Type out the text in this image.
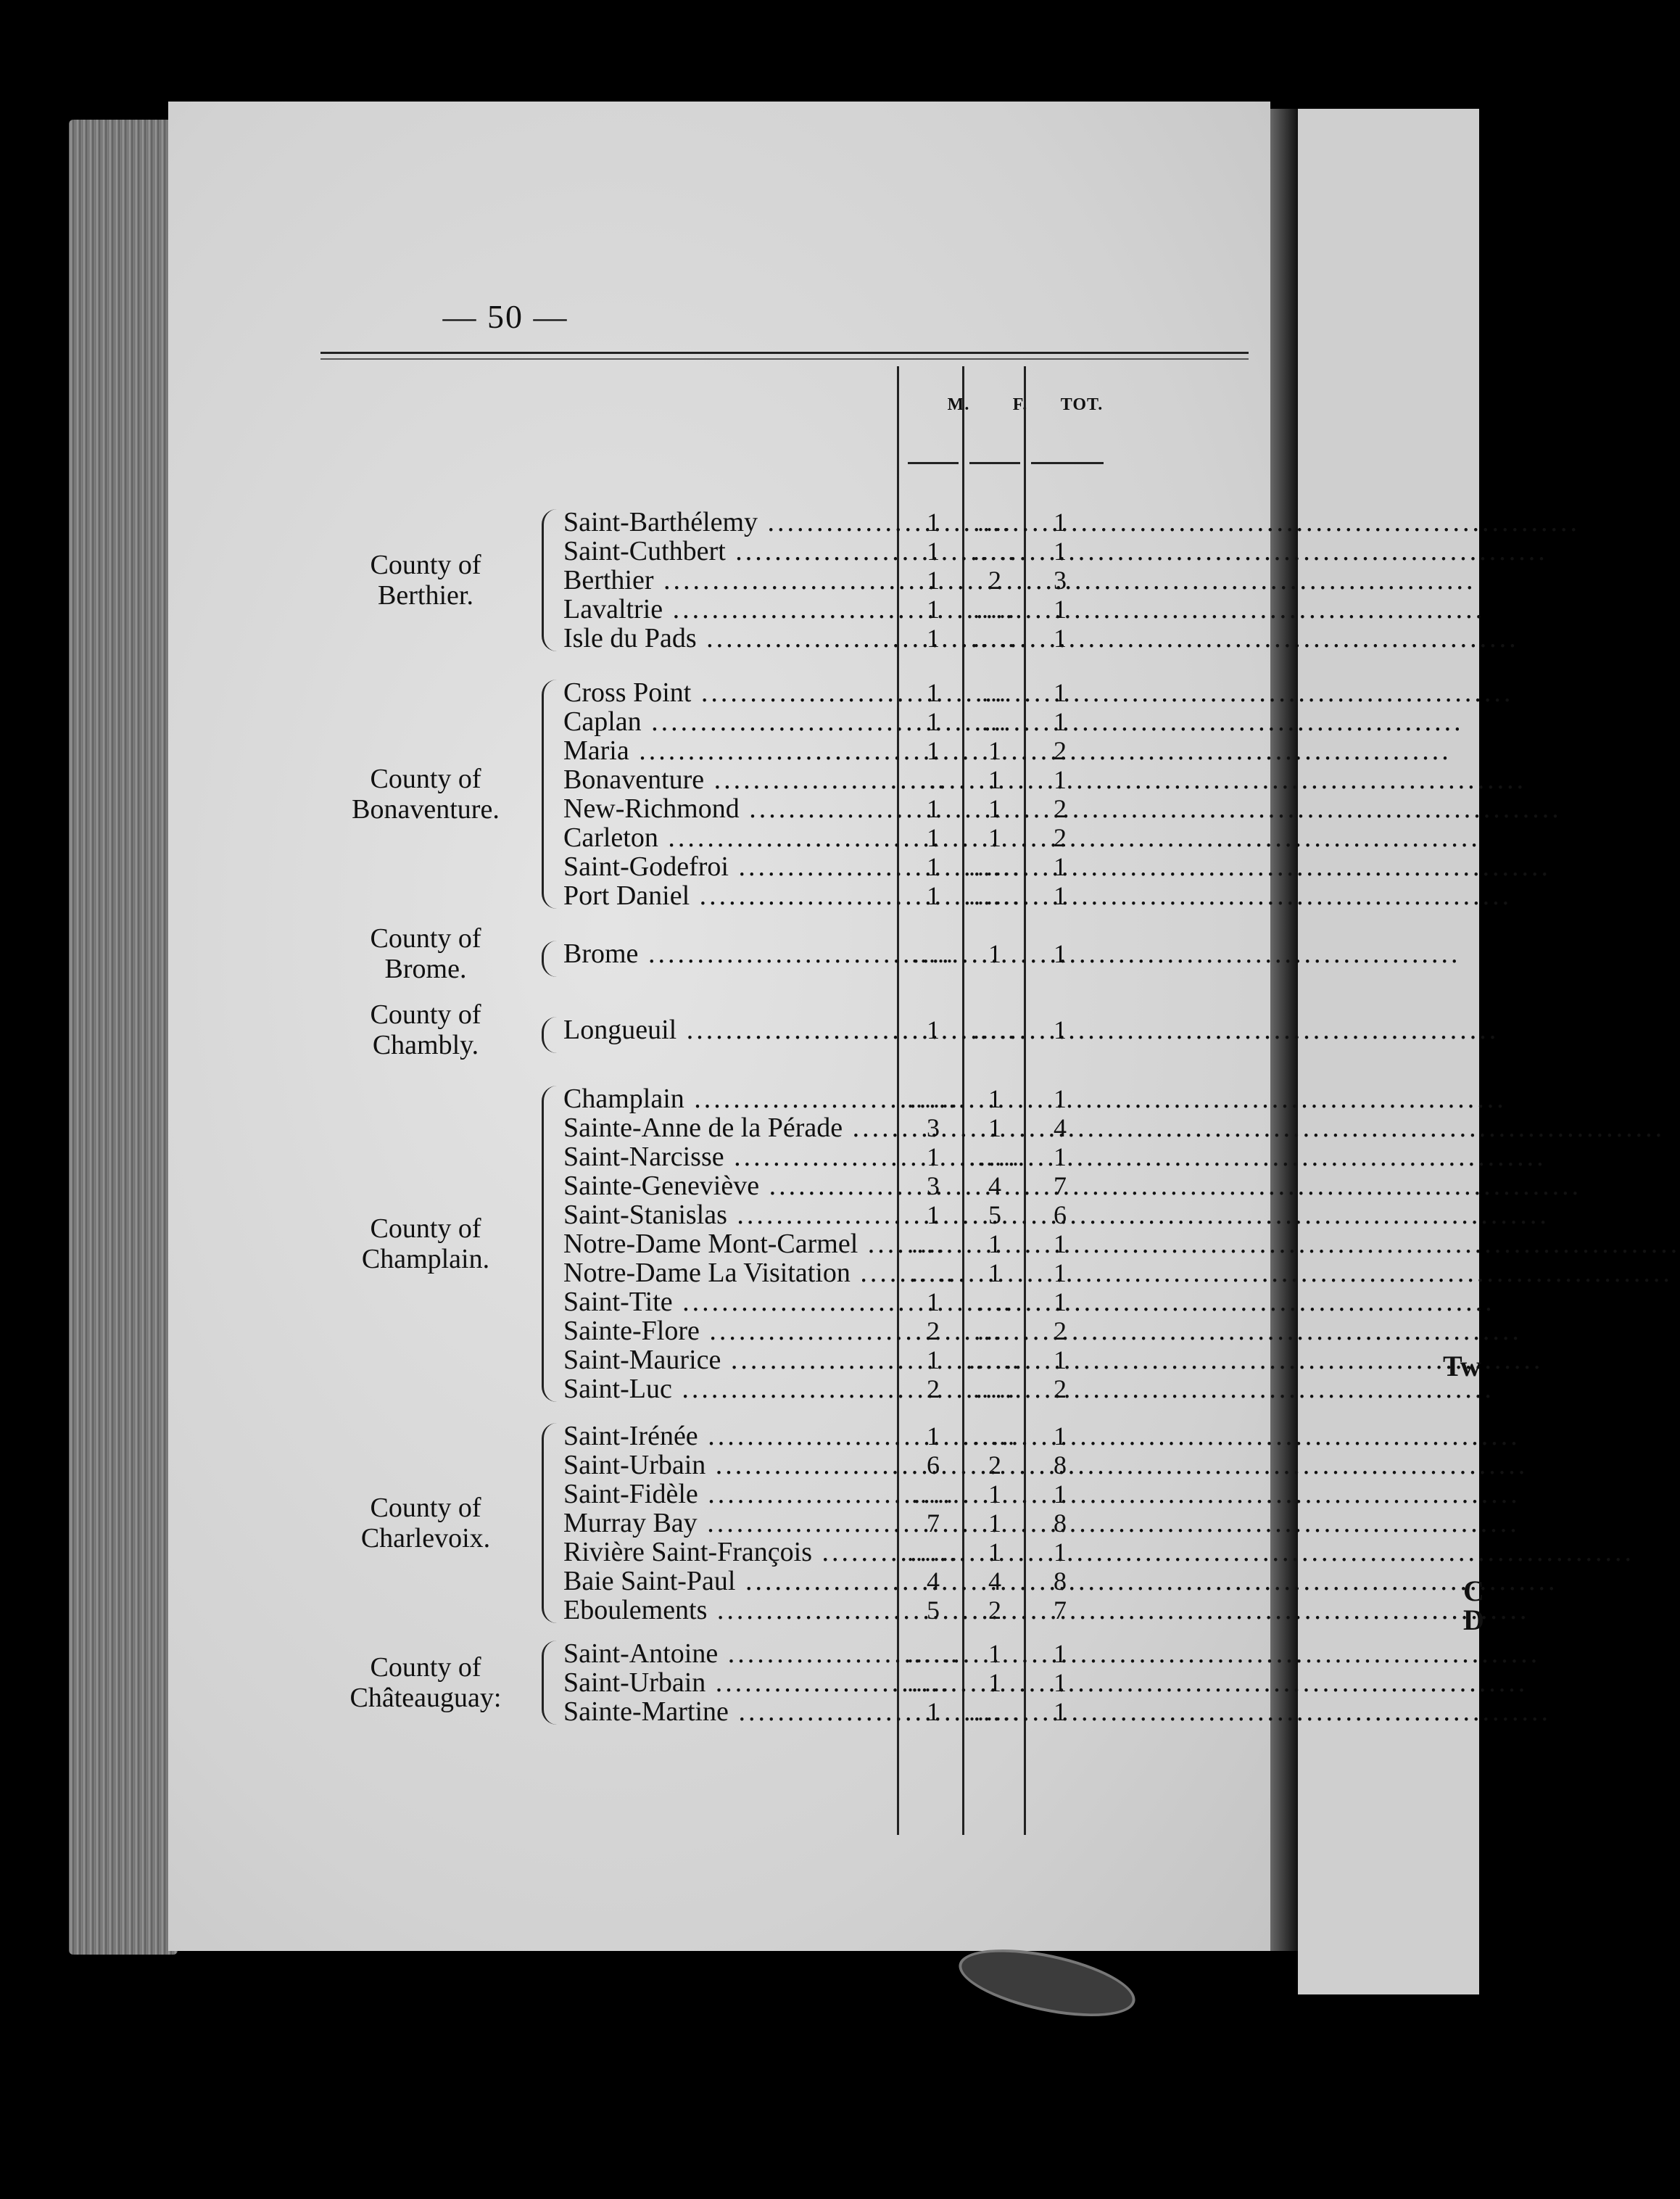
Tw
C
D
— 50 —
M.	F.	TOT.
County of
Berthier.
Saint-Barthélemy .....	1	....	1
Saint-Cuthbert .....	1	.....	1
Berthier .....	1	2	3
Lavaltrie .....	1	.....	1
Isle du Pads .....	1	.....	1
County of
Bonaventure.
Cross Point .....	1	...	1
Caplan .....	1	...	1
Maria .....	1	1	2
Bonaventure .....	...	1	1
New-Richmond .....	1	1	2
Carleton .....	1	1	2
Saint-Godefroi .....	1	......	1
Port Daniel .....	1	......	1
County of
Brome.	Brome .....	.....	1	1
County of
Chambly.	Longueuil .....	1	.....	1
County of
Champlain.
Champlain .....	......	1	1
Sainte-Anne de la Pérade .....	3	1	4
Saint-Narcisse .....	1	......	1
Sainte-Geneviève .....	3	4	7
Saint-Stanislas .....	1	5	6
Notre-Dame Mont-Carmel .....	.....	1	1
Notre-Dame La Visitation .....	.....	1	1
Saint-Tite .....	1	....	1
Sainte-Flore .....	2	....	2
Saint-Maurice .....	1	......	1
Saint-Luc .....	2	.....	2
County of
Charlevoix.
Saint-Irénée .....	1	.....	1
Saint-Urbain .....	6	2	8
Saint-Fidèle .....	.....	1	1
Murray Bay .....	7	1	8
Rivière Saint-François .....	......	1	1
Baie Saint-Paul .....	4	4	8
Eboulements .....	5	2	7
County of
Châteauguay:
Saint-Antoine .....	......	1	1
Saint-Urbain .....	......	1	1
Sainte-Martine .....	1	......	1
